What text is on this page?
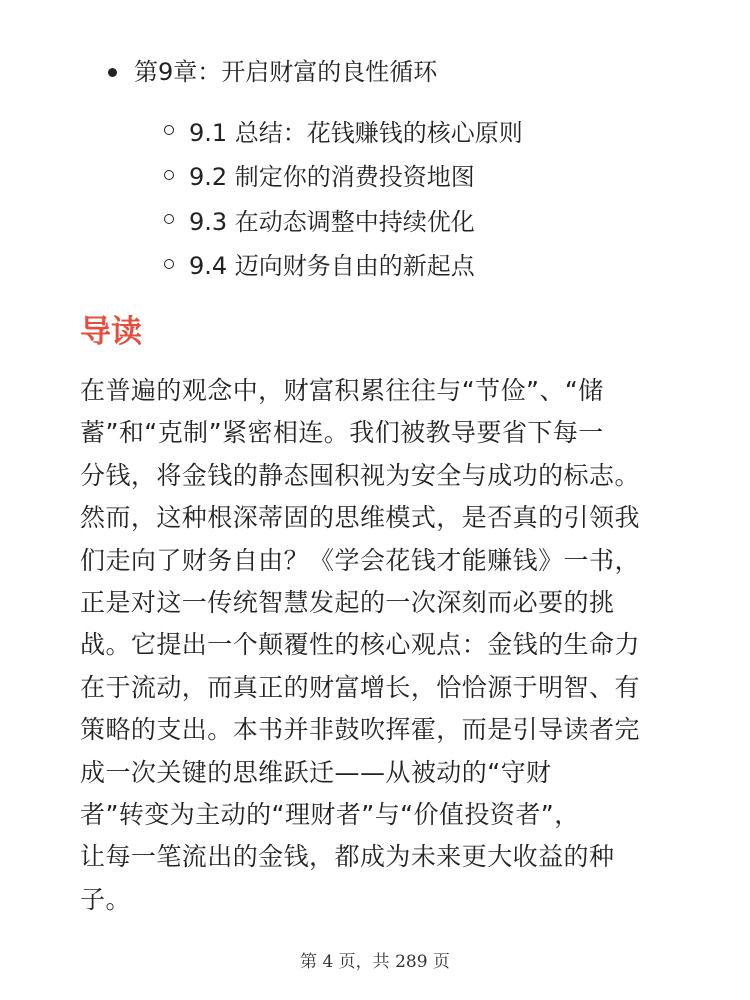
第9章：开启财富的良性循环
9.1 总结：花钱赚钱的核心原则
9.2 制定你的消费投资地图
9.3 在动态调整中持续优化
9.4 迈向财务自由的新起点
导读

在普遍的观念中，财富积累往往与“节俭”、“储
蓄”和“克制”紧密相连。我们被教导要省下每一
分钱，将金钱的静态囤积视为安全与成功的标志。
然而，这种根深蒂固的思维模式，是否真的引领我
们走向了财务自由？《学会花钱才能赚钱》一书，
正是对这一传统智慧发起的一次深刻而必要的挑
战。它提出一个颠覆性的核心观点：金钱的生命力
在于流动，而真正的财富增长，恰恰源于明智、有
策略的支出。本书并非鼓吹挥霍，而是引导读者完
成一次关键的思维跃迁——从被动的“守财
者”转变为主动的“理财者”与“价值投资者”，
让每一笔流出的金钱，都成为未来更大收益的种
子。

第 4 页，共 289 页
